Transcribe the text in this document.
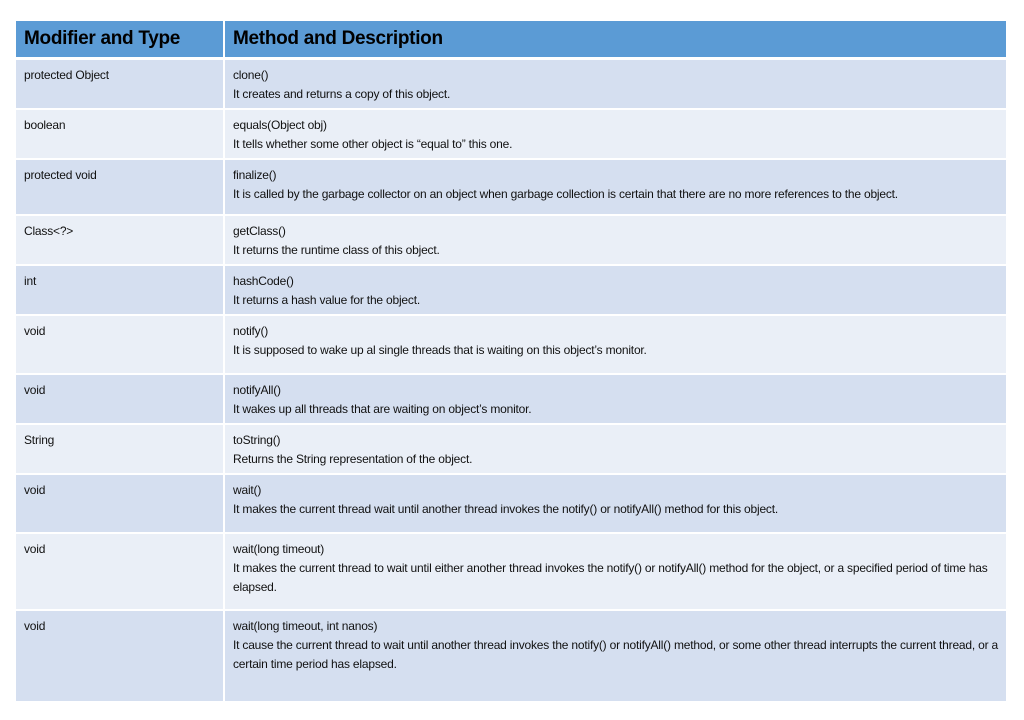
Modifier and Type	Method and Description
protected Object	clone()
It creates and returns a copy of this object.

boolean	equals(Object obj)
It tells whether some other object is “equal to” this one.

protected void	finalize()
It is called by the garbage collector on an object when garbage collection is certain that there are no more references to the object.

Class<?>	getClass()
It returns the runtime class of this object.

int	hashCode()
It returns a hash value for the object.

void	notify()
It is supposed to wake up al single threads that is waiting on this object’s monitor.

void	notifyAll()
It wakes up all threads that are waiting on object’s monitor.

String	toString()
Returns the String representation of the object.

void	wait()
It makes the current thread wait until another thread invokes the notify() or notifyAll() method for this object.

void	wait(long timeout)
It makes the current thread to wait until either another thread invokes the notify() or notifyAll() method for the object, or a specified period of time has elapsed.

void	wait(long timeout, int nanos)
It cause the current thread to wait until another thread invokes the notify() or notifyAll() method, or some other thread interrupts the current thread, or a certain time period has elapsed.
